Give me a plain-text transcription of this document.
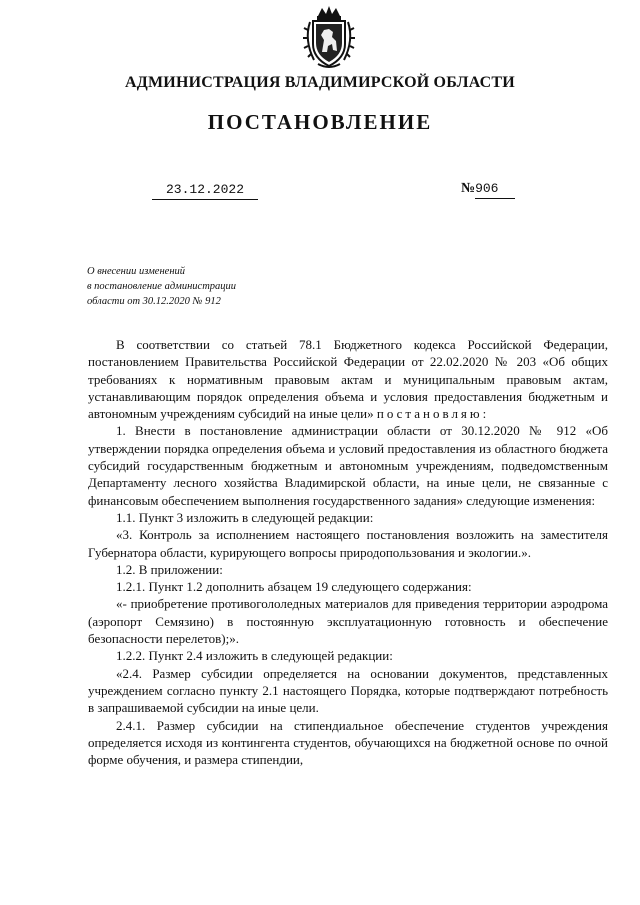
АДМИНИСТРАЦИЯ ВЛАДИМИРСКОЙ ОБЛАСТИ
ПОСТАНОВЛЕНИЕ
23.12.2022	№906
О внесении изменений
в постановление администрации
области от 30.12.2020 № 912

В соответствии со статьей 78.1 Бюджетного кодекса Российской Федерации, постановлением Правительства Российской Федерации от 22.02.2020 № 203 «Об общих требованиях к нормативным правовым актам и муниципальным правовым актам, устанавливающим порядок определения объема и условия предоставления бюджетным и автономным учреждениям субсидий на иные цели» постановляю:

1. Внести в постановление администрации области от 30.12.2020 № 912 «Об утверждении порядка определения объема и условий предоставления из областного бюджета субсидий государственным бюджетным и автономным учреждениям, подведомственным Департаменту лесного хозяйства Владимирской области, на иные цели, не связанные с финансовым обеспечением выполнения государственного задания» следующие изменения:

1.1. Пункт 3 изложить в следующей редакции:

«3. Контроль за исполнением настоящего постановления возложить на заместителя Губернатора области, курирующего вопросы природопользования и экологии.».

1.2. В приложении:

1.2.1. Пункт 1.2 дополнить абзацем 19 следующего содержания:

«- приобретение противогололедных материалов для приведения территории аэродрома (аэропорт Семязино) в постоянную эксплуатационную готовность и обеспечение безопасности перелетов);».

1.2.2. Пункт 2.4 изложить в следующей редакции:

«2.4. Размер субсидии определяется на основании документов, представленных учреждением согласно пункту 2.1 настоящего Порядка, которые подтверждают потребность в запрашиваемой субсидии на иные цели.

2.4.1. Размер субсидии на стипендиальное обеспечение студентов учреждения определяется исходя из контингента студентов, обучающихся на бюджетной основе по очной форме обучения, и размера стипендии,
